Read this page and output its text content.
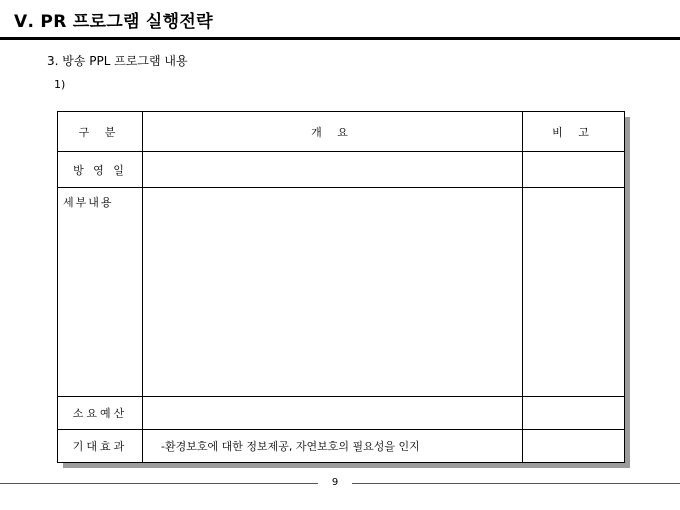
Ⅴ. PR 프로그램 실행전략
3. 방송 PPL 프로그램 내용
1)
구 분	개 요	비 고
방 영 일		
세부내용		
소요예산		
기대효과	-환경보호에 대한 정보제공, 자연보호의 필요성을 인지	
9
